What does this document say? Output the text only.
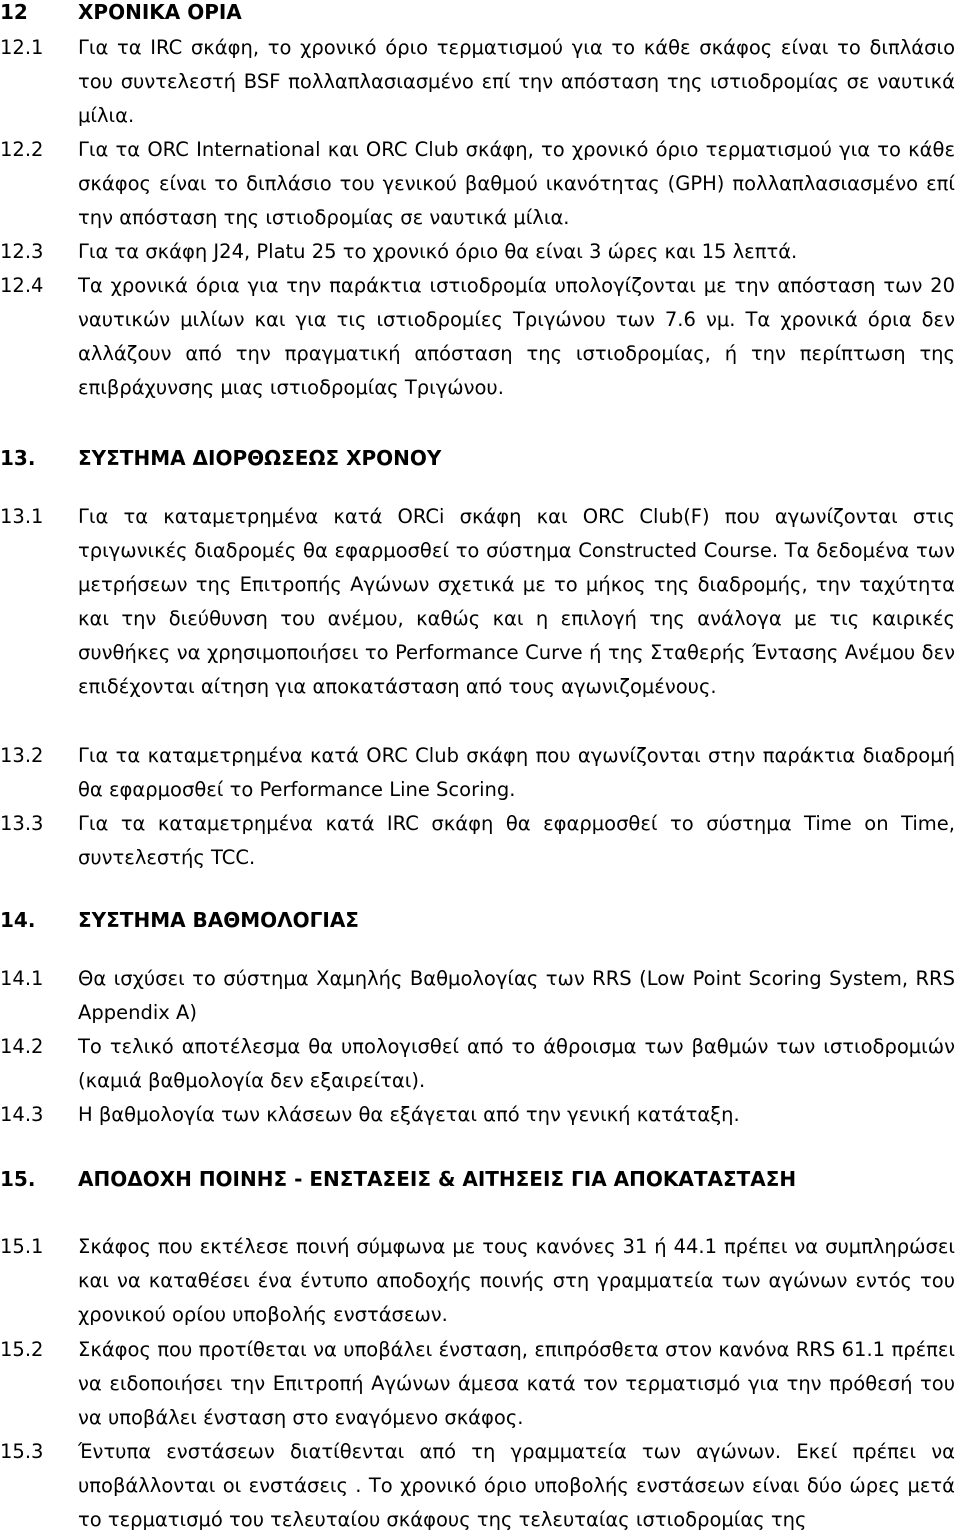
12	ΧΡΟΝΙΚΑ ΟΡΙΑ
12.1 Για τα IRC σκάφη, το χρονικό όριο τερματισμού για το κάθε σκάφος είναι το διπλάσιο του συντελεστή BSF πολλαπλασιασμένο επί την απόσταση της ιστιοδρομίας σε ναυτικά μίλια.
12.2 Για τα ORC International και ORC Club σκάφη, το χρονικό όριο τερματισμού για το κάθε σκάφος είναι το διπλάσιο του γενικού βαθμού ικανότητας (GPH) πολλαπλασιασμένο επί την απόσταση της ιστιοδρομίας σε ναυτικά μίλια.
12.3 Για τα σκάφη J24, Platu 25 το χρονικό όριο θα είναι 3 ώρες και 15 λεπτά.
12.4 Τα χρονικά όρια για την παράκτια ιστιοδρομία υπολογίζονται με την απόσταση των 20 ναυτικών μιλίων και για τις ιστιοδρομίες Τριγώνου των 7.6 νμ. Τα χρονικά όρια δεν αλλάζουν από την πραγματική απόσταση της ιστιοδρομίας, ή την περίπτωση της επιβράχυνσης μιας ιστιοδρομίας Τριγώνου.
13. ΣΥΣΤΗΜΑ ΔΙΟΡΘΩΣΕΩΣ ΧΡΟΝΟΥ
13.1 Για τα καταμετρημένα κατά ORCi σκάφη και ORC Club(F) που αγωνίζονται στις τριγωνικές διαδρομές θα εφαρμοσθεί το σύστημα Constructed Course. Τα δεδομένα των μετρήσεων της Επιτροπής Αγώνων σχετικά με το μήκος της διαδρομής, την ταχύτητα και την διεύθυνση του ανέμου, καθώς και η επιλογή της ανάλογα με τις καιρικές συνθήκες να χρησιμοποιήσει το Performance Curve ή της Σταθερής Έντασης Ανέμου δεν επιδέχονται αίτηση για αποκατάσταση από τους αγωνιζομένους.
13.2 Για τα καταμετρημένα κατά ORC Club σκάφη που αγωνίζονται στην παράκτια διαδρομή θα εφαρμοσθεί το Performance Line Scoring.
13.3 Για τα καταμετρημένα κατά IRC σκάφη θα εφαρμοσθεί το σύστημα Time on Time, συντελεστής TCC.
14. ΣΥΣΤΗΜΑ ΒΑΘΜΟΛΟΓΙΑΣ
14.1 Θα ισχύσει το σύστημα Χαμηλής Βαθμολογίας των RRS (Low Point Scoring System, RRS Appendix A)
14.2 Το τελικό αποτέλεσμα θα υπολογισθεί από το άθροισμα των βαθμών των ιστιοδρομιών (καμιά βαθμολογία δεν εξαιρείται).
14.3 Η βαθμολογία των κλάσεων θα εξάγεται από την γενική κατάταξη.
15. ΑΠΟΔΟΧΗ ΠΟΙΝΗΣ - ΕΝΣΤΑΣΕΙΣ & ΑΙΤΗΣΕΙΣ ΓΙΑ ΑΠΟΚΑΤΑΣΤΑΣΗ
15.1 Σκάφος που εκτέλεσε ποινή σύμφωνα με τους κανόνες 31 ή 44.1 πρέπει να συμπληρώσει και να καταθέσει ένα έντυπο αποδοχής ποινής στη γραμματεία των αγώνων εντός του χρονικού ορίου υποβολής ενστάσεων.
15.2 Σκάφος που προτίθεται να υποβάλει ένσταση, επιπρόσθετα στον κανόνα RRS 61.1 πρέπει να ειδοποιήσει την Επιτροπή Αγώνων άμεσα κατά τον τερματισμό για την πρόθεσή του να υποβάλει ένσταση στο εναγόμενο σκάφος.
15.3 Έντυπα ενστάσεων διατίθενται από τη γραμματεία των αγώνων. Εκεί πρέπει να υποβάλλονται οι ενστάσεις . Το χρονικό όριο υποβολής ενστάσεων είναι δύο ώρες μετά το τερματισμό του τελευταίου σκάφους της τελευταίας ιστιοδρομίας της
